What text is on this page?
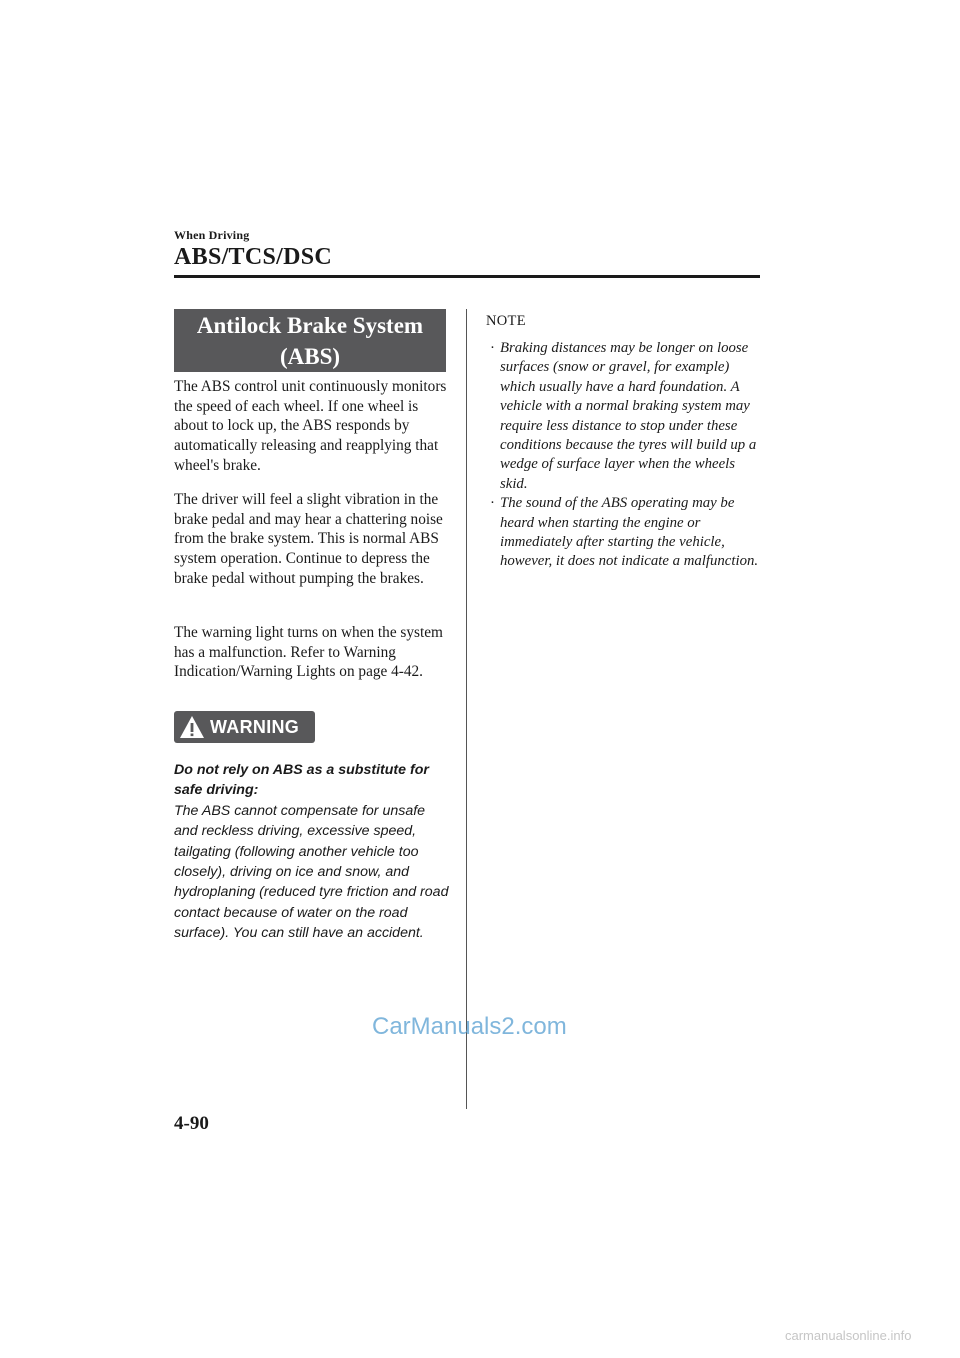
When Driving
ABS/TCS/DSC
Antilock Brake System (ABS)

The ABS control unit continuously monitors the speed of each wheel. If one wheel is about to lock up, the ABS responds by automatically releasing and reapplying that wheel's brake.

The driver will feel a slight vibration in the brake pedal and may hear a chattering noise from the brake system. This is normal ABS system operation. Continue to depress the brake pedal without pumping the brakes.

The warning light turns on when the system has a malfunction. Refer to Warning Indication/Warning Lights on page 4-42.

WARNING
Do not rely on ABS as a substitute for safe driving:
The ABS cannot compensate for unsafe and reckless driving, excessive speed, tailgating (following another vehicle too closely), driving on ice and snow, and hydroplaning (reduced tyre friction and road contact because of water on the road surface). You can still have an accident.
NOTE
· Braking distances may be longer on loose surfaces (snow or gravel, for example) which usually have a hard foundation. A vehicle with a normal braking system may require less distance to stop under these conditions because the tyres will build up a wedge of surface layer when the wheels skid.
· The sound of the ABS operating may be heard when starting the engine or immediately after starting the vehicle, however, it does not indicate a malfunction.
CarManuals2.com
4-90
carmanualsonline.info
